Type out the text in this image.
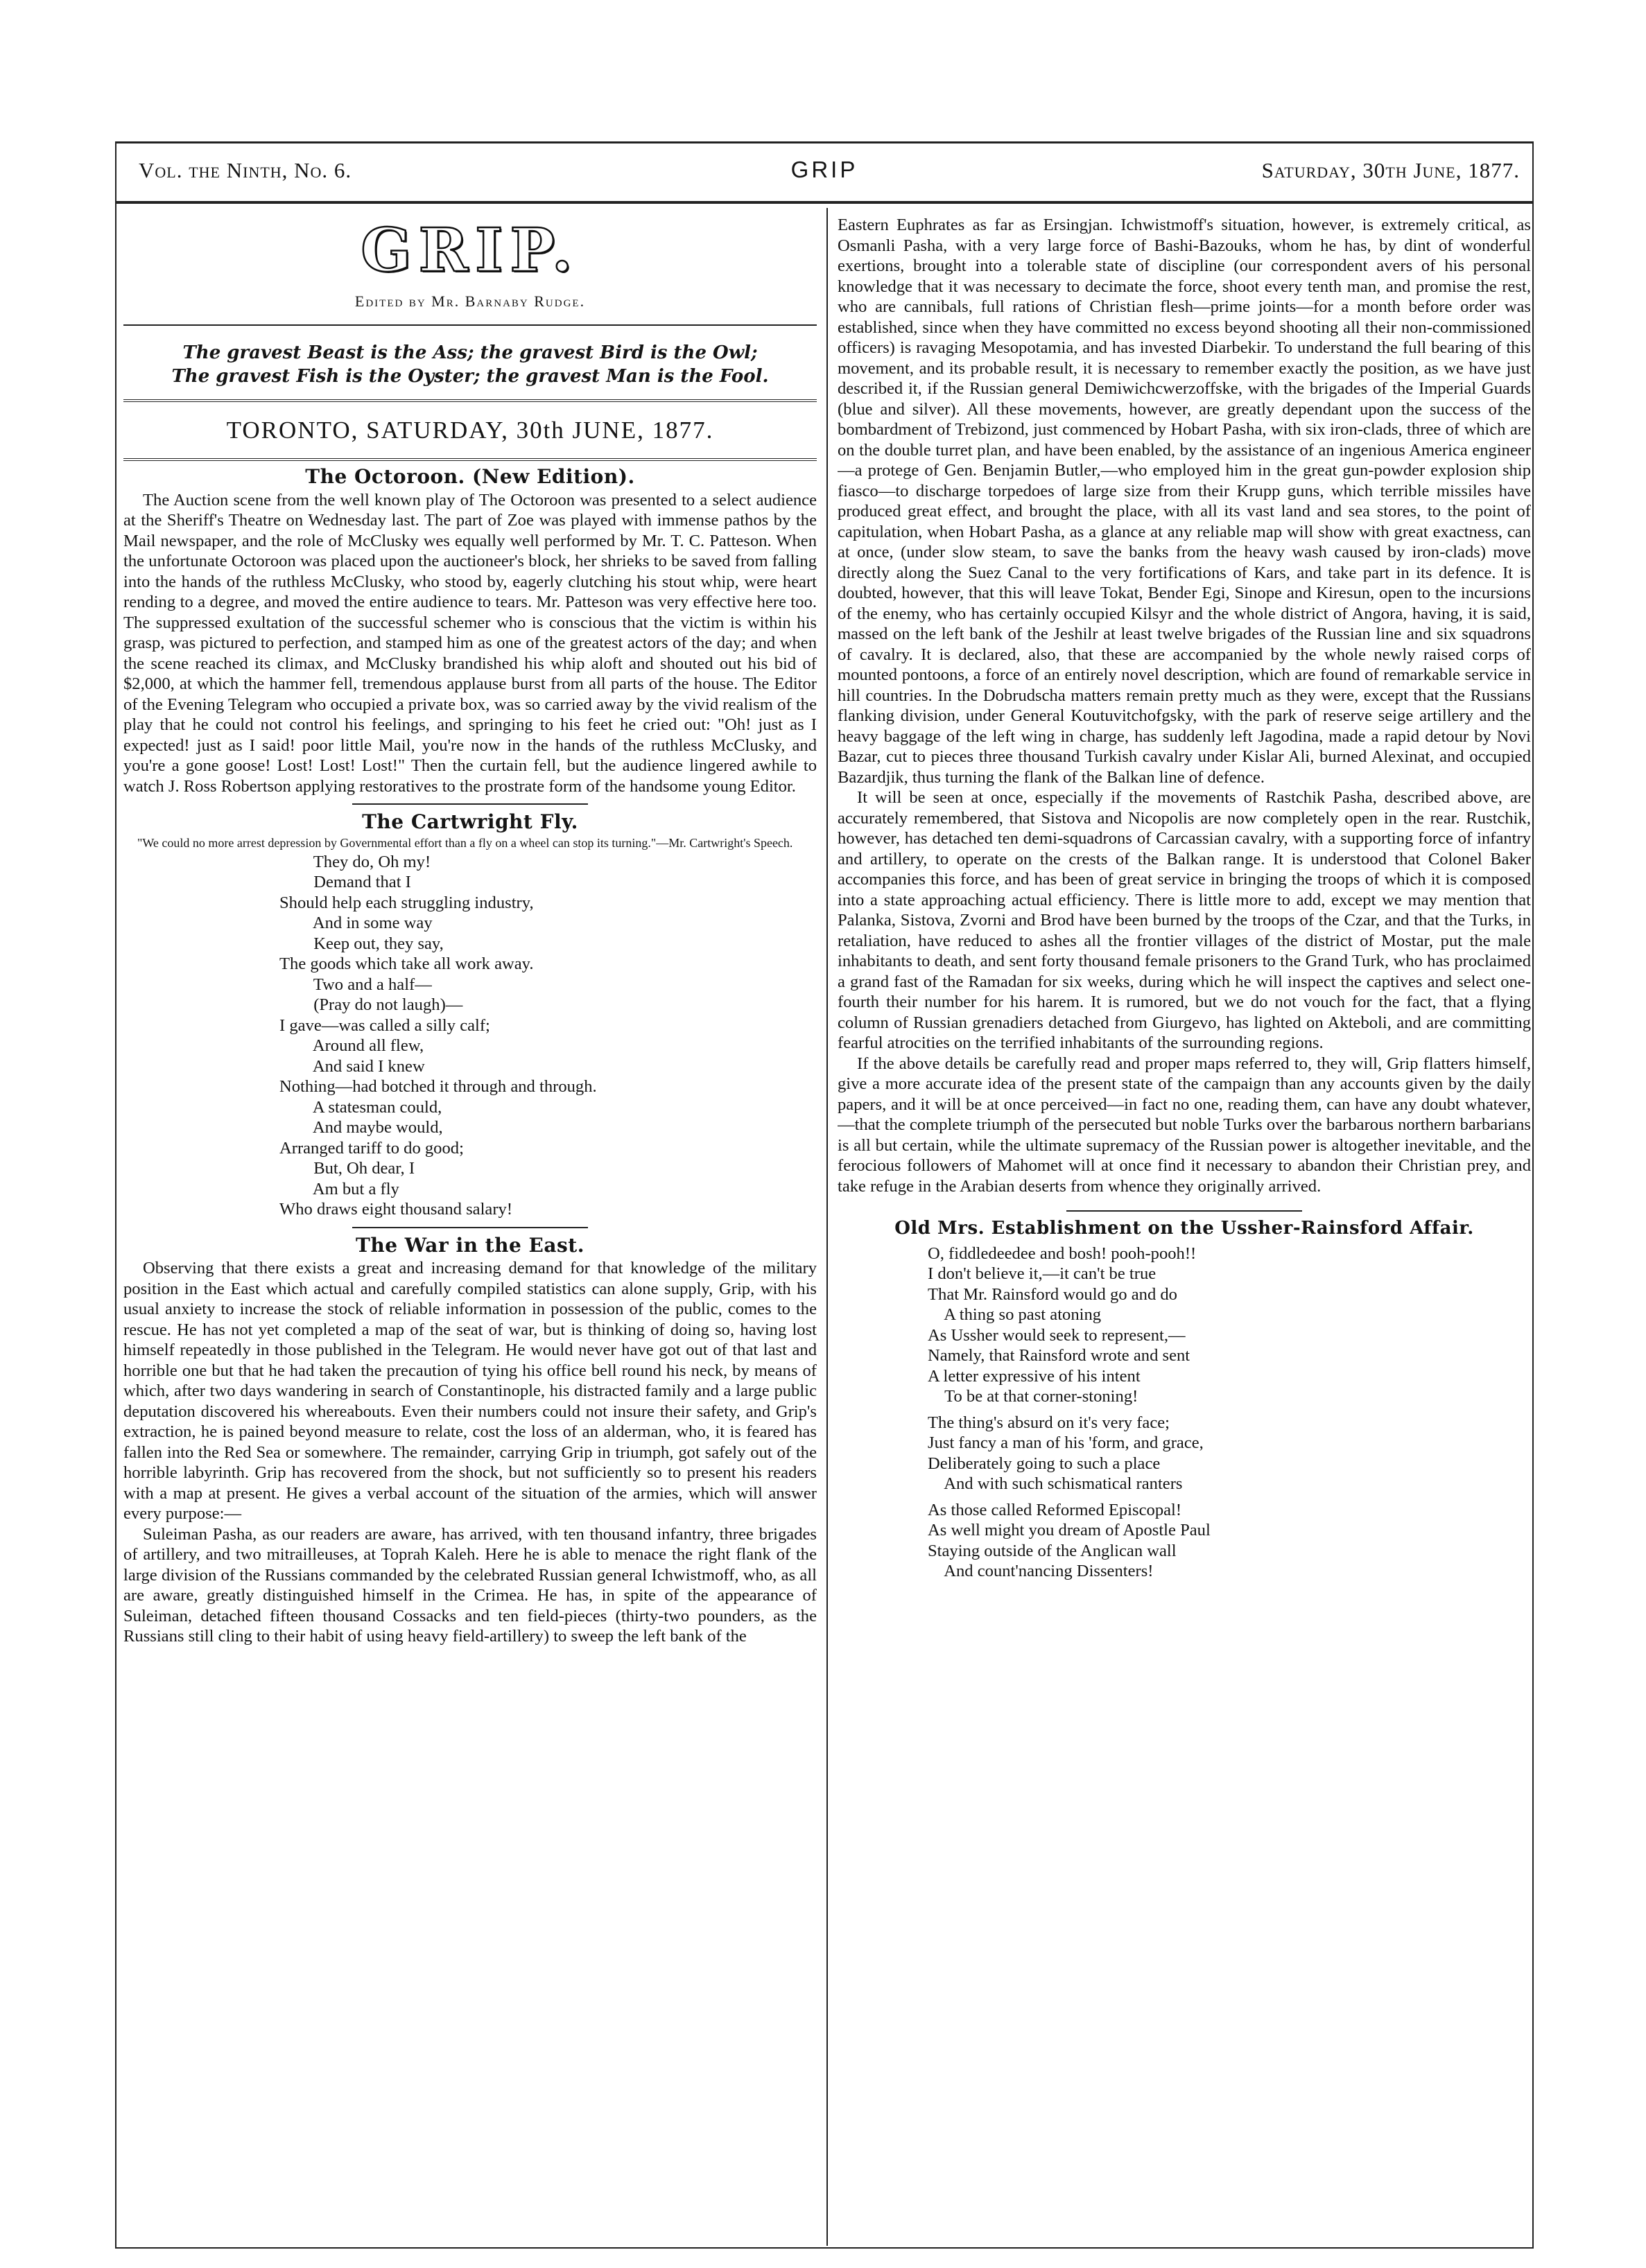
Vol. the Ninth, No. 6.	GRIP	Saturday, 30th June, 1877.
GRIP.
Edited by Mr. Barnaby Rudge.
The gravest Beast is the Ass; the gravest Bird is the Owl;
The gravest Fish is the Oyster; the gravest Man is the Fool.
TORONTO, SATURDAY, 30th JUNE, 1877.
The Octoroon. (New Edition).

The Auction scene from the well known play of The Octoroon was presented to a select audience at the Sheriff's Theatre on Wednesday last. The part of Zoe was played with immense pathos by the Mail newspaper, and the role of McClusky wes equally well performed by Mr. T. C. Patteson. When the unfortunate Octoroon was placed upon the auctioneer's block, her shrieks to be saved from falling into the hands of the ruthless McClusky, who stood by, eagerly clutching his stout whip, were heart rending to a degree, and moved the entire audience to tears. Mr. Patteson was very effective here too. The suppressed exultation of the successful schemer who is conscious that the victim is within his grasp, was pictured to perfection, and stamped him as one of the greatest actors of the day; and when the scene reached its climax, and McClusky brandished his whip aloft and shouted out his bid of $2,000, at which the hammer fell, tremendous applause burst from all parts of the house. The Editor of the Evening Telegram who occupied a private box, was so carried away by the vivid realism of the play that he could not control his feelings, and springing to his feet he cried out: "Oh! just as I expected! just as I said! poor little Mail, you're now in the hands of the ruthless McClusky, and you're a gone goose! Lost! Lost! Lost!" Then the curtain fell, but the audience lingered awhile to watch J. Ross Robertson applying restoratives to the prostrate form of the handsome young Editor.

The Cartwright Fly.
"We could no more arrest depression by Governmental effort than a fly on a wheel can stop its turning."—Mr. Cartwright's Speech.
They do, Oh my!
Demand that I
Should help each struggling industry,
And in some way
Keep out, they say,
The goods which take all work away.
Two and a half—
(Pray do not laugh)—
I gave—was called a silly calf;
Around all flew,
And said I knew
Nothing—had botched it through and through.
A statesman could,
And maybe would,
Arranged tariff to do good;
But, Oh dear, I
Am but a fly
Who draws eight thousand salary!
The War in the East.

Observing that there exists a great and increasing demand for that knowledge of the military position in the East which actual and carefully compiled statistics can alone supply, Grip, with his usual anxiety to increase the stock of reliable information in possession of the public, comes to the rescue. He has not yet completed a map of the seat of war, but is thinking of doing so, having lost himself repeatedly in those published in the Telegram. He would never have got out of that last and horrible one but that he had taken the precaution of tying his office bell round his neck, by means of which, after two days wandering in search of Constantinople, his distracted family and a large public deputation discovered his whereabouts. Even their numbers could not insure their safety, and Grip's extraction, he is pained beyond measure to relate, cost the loss of an alderman, who, it is feared has fallen into the Red Sea or somewhere. The remainder, carrying Grip in triumph, got safely out of the horrible labyrinth. Grip has recovered from the shock, but not sufficiently so to present his readers with a map at present. He gives a verbal account of the situation of the armies, which will answer every purpose:—

Suleiman Pasha, as our readers are aware, has arrived, with ten thousand infantry, three brigades of artillery, and two mitrailleuses, at Toprah Kaleh. Here he is able to menace the right flank of the large division of the Russians commanded by the celebrated Russian general Ichwistmoff, who, as all are aware, greatly distinguished himself in the Crimea. He has, in spite of the appearance of Suleiman, detached fifteen thousand Cossacks and ten field-pieces (thirty-two pounders, as the Russians still cling to their habit of using heavy field-artillery) to sweep the left bank of the

Eastern Euphrates as far as Ersingjan. Ichwistmoff's situation, however, is extremely critical, as Osmanli Pasha, with a very large force of Bashi-Bazouks, whom he has, by dint of wonderful exertions, brought into a tolerable state of discipline (our correspondent avers of his personal knowledge that it was necessary to decimate the force, shoot every tenth man, and promise the rest, who are cannibals, full rations of Christian flesh—prime joints—for a month before order was established, since when they have committed no excess beyond shooting all their non-commissioned officers) is ravaging Mesopotamia, and has invested Diarbekir. To understand the full bearing of this movement, and its probable result, it is necessary to remember exactly the position, as we have just described it, if the Russian general Demiwichcwerzoffske, with the brigades of the Imperial Guards (blue and silver). All these movements, however, are greatly dependant upon the success of the bombardment of Trebizond, just commenced by Hobart Pasha, with six iron-clads, three of which are on the double turret plan, and have been enabled, by the assistance of an ingenious America engineer—a protege of Gen. Benjamin Butler,—who employed him in the great gun-powder explosion ship fiasco—to discharge torpedoes of large size from their Krupp guns, which terrible missiles have produced great effect, and brought the place, with all its vast land and sea stores, to the point of capitulation, when Hobart Pasha, as a glance at any reliable map will show with great exactness, can at once, (under slow steam, to save the banks from the heavy wash caused by iron-clads) move directly along the Suez Canal to the very fortifications of Kars, and take part in its defence. It is doubted, however, that this will leave Tokat, Bender Egi, Sinope and Kiresun, open to the incursions of the enemy, who has certainly occupied Kilsyr and the whole district of Angora, having, it is said, massed on the left bank of the Jeshilr at least twelve brigades of the Russian line and six squadrons of cavalry. It is declared, also, that these are accompanied by the whole newly raised corps of mounted pontoons, a force of an entirely novel description, which are found of remarkable service in hill countries. In the Dobrudscha matters remain pretty much as they were, except that the Russians flanking division, under General Koutuvitchofgsky, with the park of reserve seige artillery and the heavy baggage of the left wing in charge, has suddenly left Jagodina, made a rapid detour by Novi Bazar, cut to pieces three thousand Turkish cavalry under Kislar Ali, burned Alexinat, and occupied Bazardjik, thus turning the flank of the Balkan line of defence.

It will be seen at once, especially if the movements of Rastchik Pasha, described above, are accurately remembered, that Sistova and Nicopolis are now completely open in the rear. Rustchik, however, has detached ten demi-squadrons of Carcassian cavalry, with a supporting force of infantry and artillery, to operate on the crests of the Balkan range. It is understood that Colonel Baker accompanies this force, and has been of great service in bringing the troops of which it is composed into a state approaching actual efficiency. There is little more to add, except we may mention that Palanka, Sistova, Zvorni and Brod have been burned by the troops of the Czar, and that the Turks, in retaliation, have reduced to ashes all the frontier villages of the district of Mostar, put the male inhabitants to death, and sent forty thousand female prisoners to the Grand Turk, who has proclaimed a grand fast of the Ramadan for six weeks, during which he will inspect the captives and select one-fourth their number for his harem. It is rumored, but we do not vouch for the fact, that a flying column of Russian grenadiers detached from Giurgevo, has lighted on Akteboli, and are committing fearful atrocities on the terrified inhabitants of the surrounding regions.

If the above details be carefully read and proper maps referred to, they will, Grip flatters himself, give a more accurate idea of the present state of the campaign than any accounts given by the daily papers, and it will be at once perceived—in fact no one, reading them, can have any doubt whatever,—that the complete triumph of the persecuted but noble Turks over the barbarous northern barbarians is all but certain, while the ultimate supremacy of the Russian power is altogether inevitable, and the ferocious followers of Mahomet will at once find it necessary to abandon their Christian prey, and take refuge in the Arabian deserts from whence they originally arrived.

Old Mrs. Establishment on the Ussher-Rainsford Affair.
O, fiddledeedee and bosh! pooh-pooh!!
I don't believe it,—it can't be true
That Mr. Rainsford would go and do
A thing so past atoning
As Ussher would seek to represent,—
Namely, that Rainsford wrote and sent
A letter expressive of his intent
To be at that corner-stoning!
The thing's absurd on it's very face;
Just fancy a man of his 'form, and grace,
Deliberately going to such a place
And with such schismatical ranters
As those called Reformed Episcopal!
As well might you dream of Apostle Paul
Staying outside of the Anglican wall
And count'nancing Dissenters!
